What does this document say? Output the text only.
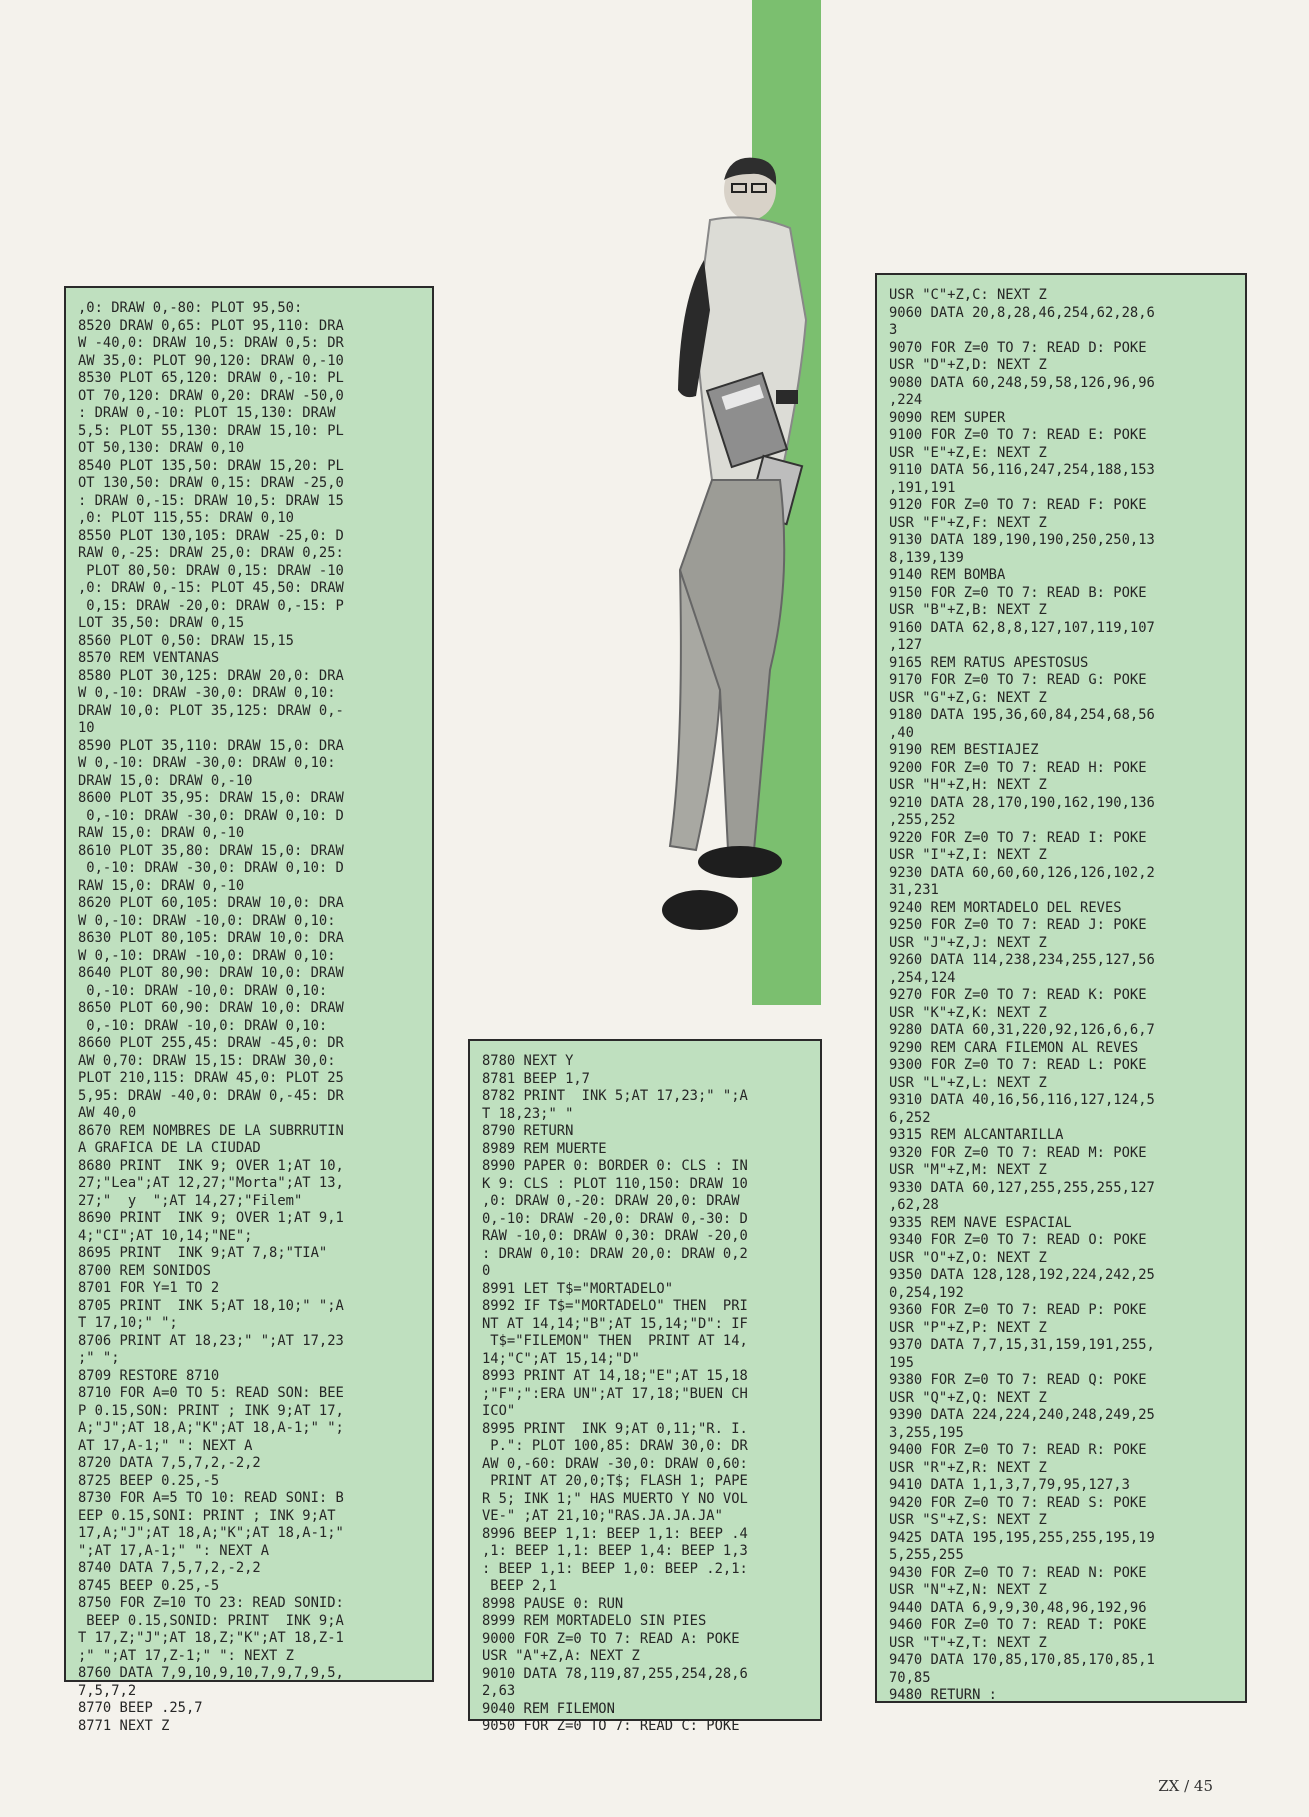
,0: DRAW 0,-80: PLOT 95,50:
8520 DRAW 0,65: PLOT 95,110: DRA
W -40,0: DRAW 10,5: DRAW 0,5: DR
AW 35,0: PLOT 90,120: DRAW 0,-10
8530 PLOT 65,120: DRAW 0,-10: PL
OT 70,120: DRAW 0,20: DRAW -50,0
: DRAW 0,-10: PLOT 15,130: DRAW
5,5: PLOT 55,130: DRAW 15,10: PL
OT 50,130: DRAW 0,10
8540 PLOT 135,50: DRAW 15,20: PL
OT 130,50: DRAW 0,15: DRAW -25,0
: DRAW 0,-15: DRAW 10,5: DRAW 15
,0: PLOT 115,55: DRAW 0,10
8550 PLOT 130,105: DRAW -25,0: D
RAW 0,-25: DRAW 25,0: DRAW 0,25:
PLOT 80,50: DRAW 0,15: DRAW -10
,0: DRAW 0,-15: PLOT 45,50: DRAW
0,15: DRAW -20,0: DRAW 0,-15: P
LOT 35,50: DRAW 0,15
8560 PLOT 0,50: DRAW 15,15
8570 REM VENTANAS
8580 PLOT 30,125: DRAW 20,0: DRA
W 0,-10: DRAW -30,0: DRAW 0,10:
DRAW 10,0: PLOT 35,125: DRAW 0,-
10
8590 PLOT 35,110: DRAW 15,0: DRA
W 0,-10: DRAW -30,0: DRAW 0,10:
DRAW 15,0: DRAW 0,-10
8600 PLOT 35,95: DRAW 15,0: DRAW
0,-10: DRAW -30,0: DRAW 0,10: D
RAW 15,0: DRAW 0,-10
8610 PLOT 35,80: DRAW 15,0: DRAW
0,-10: DRAW -30,0: DRAW 0,10: D
RAW 15,0: DRAW 0,-10
8620 PLOT 60,105: DRAW 10,0: DRA
W 0,-10: DRAW -10,0: DRAW 0,10:
8630 PLOT 80,105: DRAW 10,0: DRA
W 0,-10: DRAW -10,0: DRAW 0,10:
8640 PLOT 80,90: DRAW 10,0: DRAW
0,-10: DRAW -10,0: DRAW 0,10:
8650 PLOT 60,90: DRAW 10,0: DRAW
0,-10: DRAW -10,0: DRAW 0,10:
8660 PLOT 255,45: DRAW -45,0: DR
AW 0,70: DRAW 15,15: DRAW 30,0:
PLOT 210,115: DRAW 45,0: PLOT 25
5,95: DRAW -40,0: DRAW 0,-45: DR
AW 40,0
8670 REM NOMBRES DE LA SUBRRUTIN
A GRAFICA DE LA CIUDAD
8680 PRINT  INK 9; OVER 1;AT 10,
27;"Lea";AT 12,27;"Morta";AT 13,
27;"  y  ";AT 14,27;"Filem"
8690 PRINT  INK 9; OVER 1;AT 9,1
4;"CI";AT 10,14;"NE";
8695 PRINT  INK 9;AT 7,8;"TIA"
8700 REM SONIDOS
8701 FOR Y=1 TO 2
8705 PRINT  INK 5;AT 18,10;" ";A
T 17,10;" ";
8706 PRINT AT 18,23;" ";AT 17,23
;" ";
8709 RESTORE 8710
8710 FOR A=0 TO 5: READ SON: BEE
P 0.15,SON: PRINT ; INK 9;AT 17,
A;"J";AT 18,A;"K";AT 18,A-1;" ";
AT 17,A-1;" ": NEXT A
8720 DATA 7,5,7,2,-2,2
8725 BEEP 0.25,-5
8730 FOR A=5 TO 10: READ SONI: B
EEP 0.15,SONI: PRINT ; INK 9;AT
17,A;"J";AT 18,A;"K";AT 18,A-1;"
";AT 17,A-1;" ": NEXT A
8740 DATA 7,5,7,2,-2,2
8745 BEEP 0.25,-5
8750 FOR Z=10 TO 23: READ SONID:
BEEP 0.15,SONID: PRINT  INK 9;A
T 17,Z;"J";AT 18,Z;"K";AT 18,Z-1
;" ";AT 17,Z-1;" ": NEXT Z
8760 DATA 7,9,10,9,10,7,9,7,9,5,
7,5,7,2
8770 BEEP .25,7
8771 NEXT Z
8780 NEXT Y
8781 BEEP 1,7
8782 PRINT  INK 5;AT 17,23;" ";A
T 18,23;" "
8790 RETURN
8989 REM MUERTE
8990 PAPER 0: BORDER 0: CLS : IN
K 9: CLS : PLOT 110,150: DRAW 10
,0: DRAW 0,-20: DRAW 20,0: DRAW
0,-10: DRAW -20,0: DRAW 0,-30: D
RAW -10,0: DRAW 0,30: DRAW -20,0
: DRAW 0,10: DRAW 20,0: DRAW 0,2
0
8991 LET T$="MORTADELO"
8992 IF T$="MORTADELO" THEN  PRI
NT AT 14,14;"B";AT 15,14;"D": IF
T$="FILEMON" THEN  PRINT AT 14,
14;"C";AT 15,14;"D"
8993 PRINT AT 14,18;"E";AT 15,18
;"F";":ERA UN";AT 17,18;"BUEN CH
ICO"
8995 PRINT  INK 9;AT 0,11;"R. I.
P.": PLOT 100,85: DRAW 30,0: DR
AW 0,-60: DRAW -30,0: DRAW 0,60:
PRINT AT 20,0;T$; FLASH 1; PAPE
R 5; INK 1;" HAS MUERTO Y NO VOL
VE-" ;AT 21,10;"RAS.JA.JA.JA"
8996 BEEP 1,1: BEEP 1,1: BEEP .4
,1: BEEP 1,1: BEEP 1,4: BEEP 1,3
: BEEP 1,1: BEEP 1,0: BEEP .2,1:
BEEP 2,1
8998 PAUSE 0: RUN
8999 REM MORTADELO SIN PIES
9000 FOR Z=0 TO 7: READ A: POKE
USR "A"+Z,A: NEXT Z
9010 DATA 78,119,87,255,254,28,6
2,63
9040 REM FILEMON
9050 FOR Z=0 TO 7: READ C: POKE
USR "C"+Z,C: NEXT Z
9060 DATA 20,8,28,46,254,62,28,6
3
9070 FOR Z=0 TO 7: READ D: POKE
USR "D"+Z,D: NEXT Z
9080 DATA 60,248,59,58,126,96,96
,224
9090 REM SUPER
9100 FOR Z=0 TO 7: READ E: POKE
USR "E"+Z,E: NEXT Z
9110 DATA 56,116,247,254,188,153
,191,191
9120 FOR Z=0 TO 7: READ F: POKE
USR "F"+Z,F: NEXT Z
9130 DATA 189,190,190,250,250,13
8,139,139
9140 REM BOMBA
9150 FOR Z=0 TO 7: READ B: POKE
USR "B"+Z,B: NEXT Z
9160 DATA 62,8,8,127,107,119,107
,127
9165 REM RATUS APESTOSUS
9170 FOR Z=0 TO 7: READ G: POKE
USR "G"+Z,G: NEXT Z
9180 DATA 195,36,60,84,254,68,56
,40
9190 REM BESTIAJEZ
9200 FOR Z=0 TO 7: READ H: POKE
USR "H"+Z,H: NEXT Z
9210 DATA 28,170,190,162,190,136
,255,252
9220 FOR Z=0 TO 7: READ I: POKE
USR "I"+Z,I: NEXT Z
9230 DATA 60,60,60,126,126,102,2
31,231
9240 REM MORTADELO DEL REVES
9250 FOR Z=0 TO 7: READ J: POKE
USR "J"+Z,J: NEXT Z
9260 DATA 114,238,234,255,127,56
,254,124
9270 FOR Z=0 TO 7: READ K: POKE
USR "K"+Z,K: NEXT Z
9280 DATA 60,31,220,92,126,6,6,7
9290 REM CARA FILEMON AL REVES
9300 FOR Z=0 TO 7: READ L: POKE
USR "L"+Z,L: NEXT Z
9310 DATA 40,16,56,116,127,124,5
6,252
9315 REM ALCANTARILLA
9320 FOR Z=0 TO 7: READ M: POKE
USR "M"+Z,M: NEXT Z
9330 DATA 60,127,255,255,255,127
,62,28
9335 REM NAVE ESPACIAL
9340 FOR Z=0 TO 7: READ O: POKE
USR "O"+Z,O: NEXT Z
9350 DATA 128,128,192,224,242,25
0,254,192
9360 FOR Z=0 TO 7: READ P: POKE
USR "P"+Z,P: NEXT Z
9370 DATA 7,7,15,31,159,191,255,
195
9380 FOR Z=0 TO 7: READ Q: POKE
USR "Q"+Z,Q: NEXT Z
9390 DATA 224,224,240,248,249,25
3,255,195
9400 FOR Z=0 TO 7: READ R: POKE
USR "R"+Z,R: NEXT Z
9410 DATA 1,1,3,7,79,95,127,3
9420 FOR Z=0 TO 7: READ S: POKE
USR "S"+Z,S: NEXT Z
9425 DATA 195,195,255,255,195,19
5,255,255
9430 FOR Z=0 TO 7: READ N: POKE
USR "N"+Z,N: NEXT Z
9440 DATA 6,9,9,30,48,96,192,96
9460 FOR Z=0 TO 7: READ T: POKE
USR "T"+Z,T: NEXT Z
9470 DATA 170,85,170,85,170,85,1
70,85
9480 RETURN :
ZX / 45
